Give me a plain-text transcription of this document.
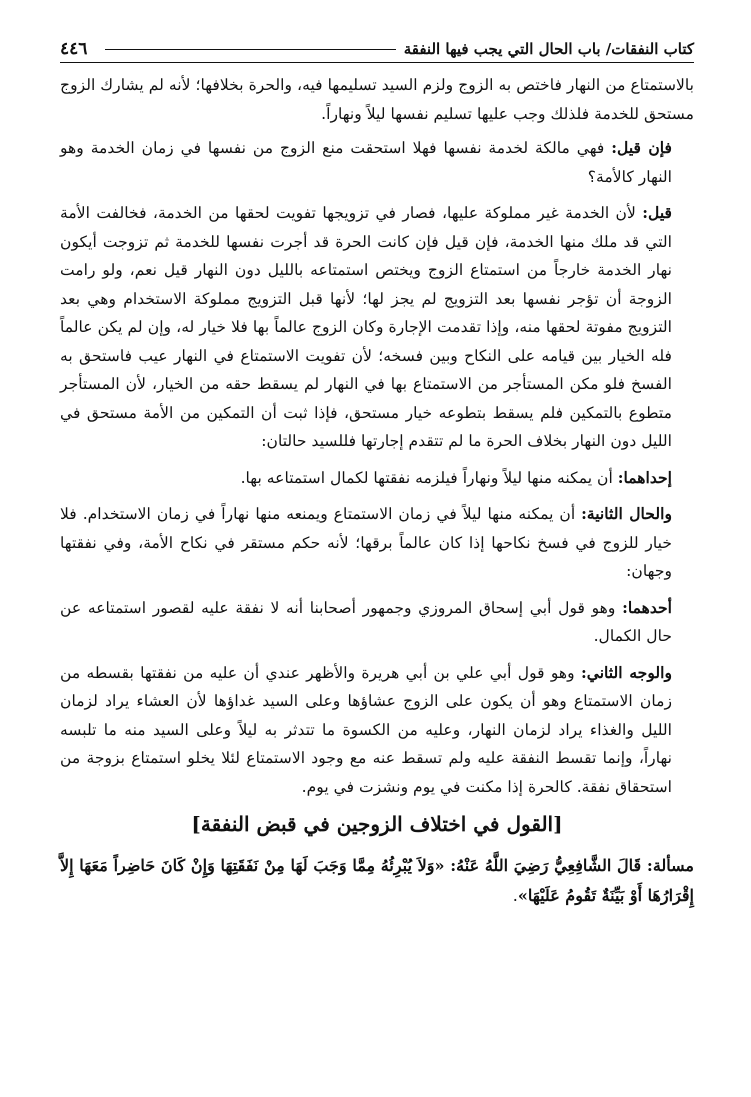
كتاب النفقات/ باب الحال التي يجب فيها النفقة
٤٤٦

بالاستمتاع من النهار فاختص به الزوج ولزم السيد تسليمها فيه، والحرة بخلافها؛ لأنه لم يشارك الزوج مستحق للخدمة فلذلك وجب عليها تسليم نفسها ليلاً ونهاراً.

فإن قيل: فهي مالكة لخدمة نفسها فهلا استحقت منع الزوج من نفسها في زمان الخدمة وهو النهار كالأمة؟

قيل: لأن الخدمة غير مملوكة عليها، فصار في تزويجها تفويت لحقها من الخدمة، فخالفت الأمة التي قد ملك منها الخدمة، فإن قيل فإن كانت الحرة قد أجرت نفسها للخدمة ثم تزوجت أيكون نهار الخدمة خارجاً من استمتاع الزوج ويختص استمتاعه بالليل دون النهار قيل نعم، ولو رامت الزوجة أن تؤجر نفسها بعد التزويج لم يجز لها؛ لأنها قبل التزويج مملوكة الاستخدام وهي بعد التزويج مفوتة لحقها منه، وإذا تقدمت الإجارة وكان الزوج عالماً بها فلا خيار له، وإن لم يكن عالماً فله الخيار بين قيامه على النكاح وبين فسخه؛ لأن تفويت الاستمتاع في النهار عيب فاستحق به الفسخ فلو مكن المستأجر من الاستمتاع بها في النهار لم يسقط حقه من الخيار، لأن المستأجر متطوع بالتمكين فلم يسقط بتطوعه خيار مستحق، فإذا ثبت أن التمكين من الأمة مستحق في الليل دون النهار بخلاف الحرة ما لم تتقدم إجارتها فللسيد حالتان:

إحداهما: أن يمكنه منها ليلاً ونهاراً فيلزمه نفقتها لكمال استمتاعه بها.

والحال الثانية: أن يمكنه منها ليلاً في زمان الاستمتاع ويمنعه منها نهاراً في زمان الاستخدام. فلا خيار للزوج في فسخ نكاحها إذا كان عالماً برقها؛ لأنه حكم مستقر في نكاح الأمة، وفي نفقتها وجهان:

أحدهما: وهو قول أبي إسحاق المروزي وجمهور أصحابنا أنه لا نفقة عليه لقصور استمتاعه عن حال الكمال.

والوجه الثاني: وهو قول أبي علي بن أبي هريرة والأظهر عندي أن عليه من نفقتها بقسطه من زمان الاستمتاع وهو أن يكون على الزوج عشاؤها وعلى السيد غداؤها لأن العشاء يراد لزمان الليل والغذاء يراد لزمان النهار، وعليه من الكسوة ما تتدثر به ليلاً وعلى السيد منه ما تلبسه نهاراً، وإنما تقسط النفقة عليه ولم تسقط عنه مع وجود الاستمتاع لئلا يخلو استمتاع بزوجة من استحقاق نفقة. كالحرة إذا مكنت في يوم ونشزت في يوم.

[القول في اختلاف الزوجين في قبض النفقة]

مسألة: قَالَ الشَّافِعِيُّ رَضِيَ اللَّهُ عَنْهُ: «وَلاَ يُبْرِئُهُ مِمَّا وَجَبَ لَهَا مِنْ نَفَقَتِهَا وَإِنْ كَانَ حَاضِراً مَعَهَا إِلاَّ إِقْرَارُهَا أَوْ بَيِّنَةٌ تَقُومُ عَلَيْهَا».
